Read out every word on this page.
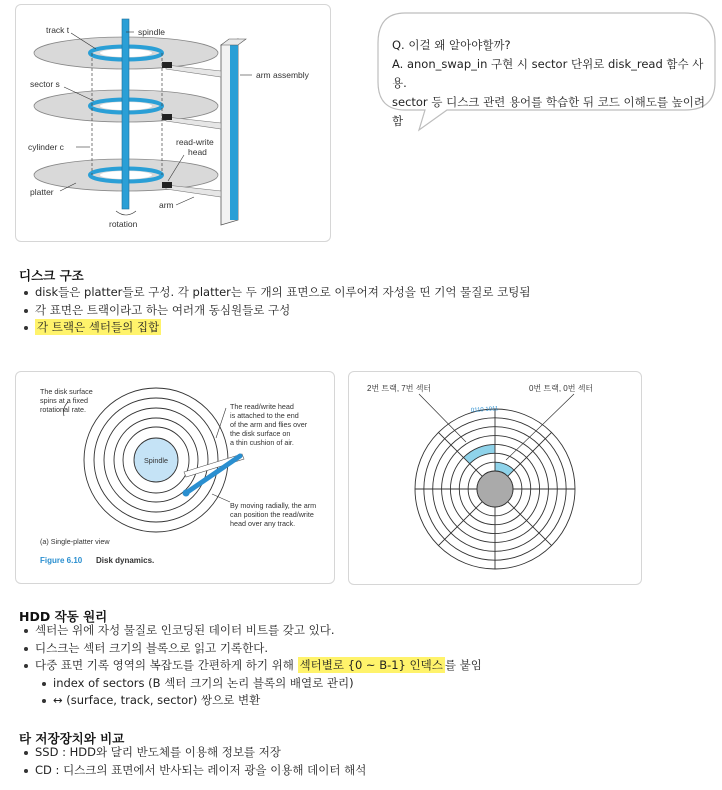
track t	spindle
arm assembly
sector s
cylinder c	read-write
head
platter
arm
rotation
Q. 이걸 왜 알아야할까?
A. anon_swap_in 구현 시 sector 단위로 disk_read 함수 사용.
sector 등 디스크 관련 용어를 학습한 뒤 코드 이해도를 높이려함
디스크 구조
disk들은 platter들로 구성. 각 platter는 두 개의 표면으로 이루어져 자성을 띤 기억 물질로 코팅됨
각 표면은 트랙이라고 하는 여러개 동심원들로 구성
각 트랙은 섹터들의 집합
The disk surface
spins at a fixed
rotational rate.	The read/write head
is attached to the end
of the arm and flies over
the disk surface on
a thin cushion of air.
Spindle
By moving radially, the arm
can position the read/write
head over any track.
(a) Single-platter view
Figure 6.10 Disk dynamics.
2번 트랙, 7번 섹터	0번 트랙, 0번 섹터
0110 1011
HDD 작동 원리
섹터는 위에 자성 물질로 인코딩된 데이터 비트를 갖고 있다.
디스크는 섹터 크기의 블록으로 읽고 기록한다.
다중 표면 기록 영역의 복잡도를 간편하게 하기 위해 섹터별로 {0 ~ B-1} 인덱스 를 붙임
index of sectors (B 섹터 크기의 논리 블록의 배열로 관리)
↔ (surface, track, sector) 쌍으로 변환
타 저장장치와 비교
SSD : HDD와 달리 반도체를 이용해 정보를 저장
CD : 디스크의 표면에서 반사되는 레이저 광을 이용해 데이터 해석
